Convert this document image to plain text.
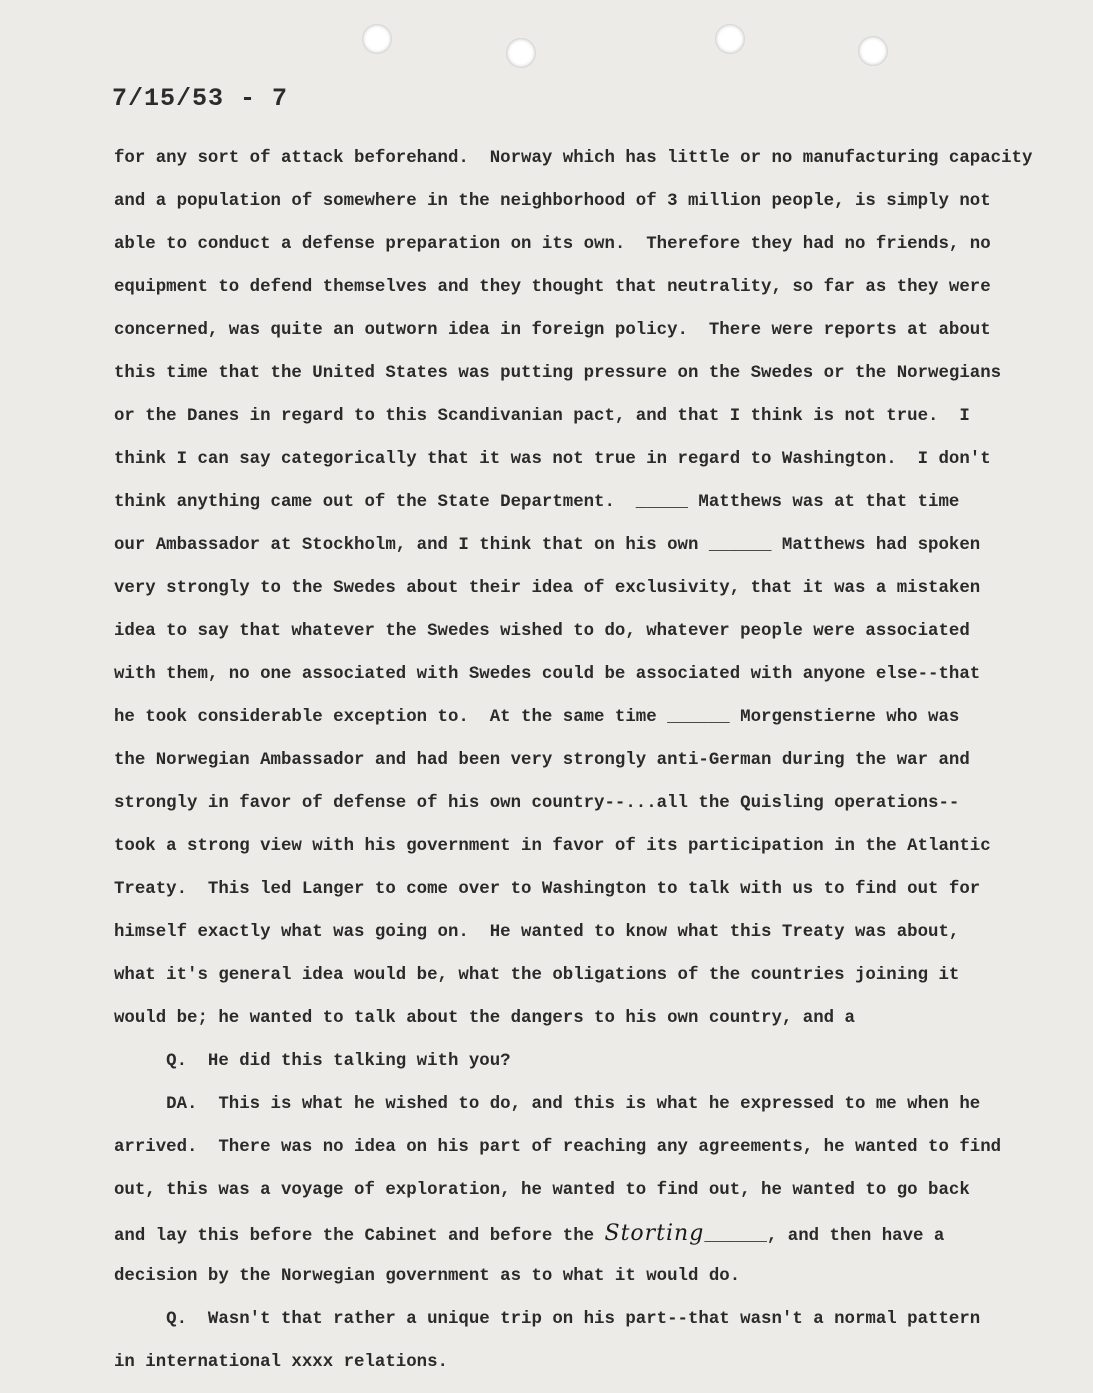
7/15/53 - 7
for any sort of attack beforehand.  Norway which has little or no manufacturing capacity
and a population of somewhere in the neighborhood of 3 million people, is simply not
able to conduct a defense preparation on its own.  Therefore they had no friends, no
equipment to defend themselves and they thought that neutrality, so far as they were
concerned, was quite an outworn idea in foreign policy.  There were reports at about
this time that the United States was putting pressure on the Swedes or the Norwegians
or the Danes in regard to this Scandivanian pact, and that I think is not true.  I
think I can say categorically that it was not true in regard to Washington.  I don't
think anything came out of the State Department.  _____ Matthews was at that time
our Ambassador at Stockholm, and I think that on his own ______ Matthews had spoken
very strongly to the Swedes about their idea of exclusivity, that it was a mistaken
idea to say that whatever the Swedes wished to do, whatever people were associated
with them, no one associated with Swedes could be associated with anyone else--that
he took considerable exception to.  At the same time ______ Morgenstierne who was
the Norwegian Ambassador and had been very strongly anti-German during the war and
strongly in favor of defense of his own country--...all the Quisling operations--
took a strong view with his government in favor of its participation in the Atlantic
Treaty.  This led Langer to come over to Washington to talk with us to find out for
himself exactly what was going on.  He wanted to know what this Treaty was about,
what it's general idea would be, what the obligations of the countries joining it
would be; he wanted to talk about the dangers to his own country, and a
Q.  He did this talking with you?
DA.  This is what he wished to do, and this is what he expressed to me when he
arrived.  There was no idea on his part of reaching any agreements, he wanted to find
out, this was a voyage of exploration, he wanted to find out, he wanted to go back
and lay this before the Cabinet and before the Storting______, and then have a
decision by the Norwegian government as to what it would do.
Q.  Wasn't that rather a unique trip on his part--that wasn't a normal pattern
in international xxxx relations.
